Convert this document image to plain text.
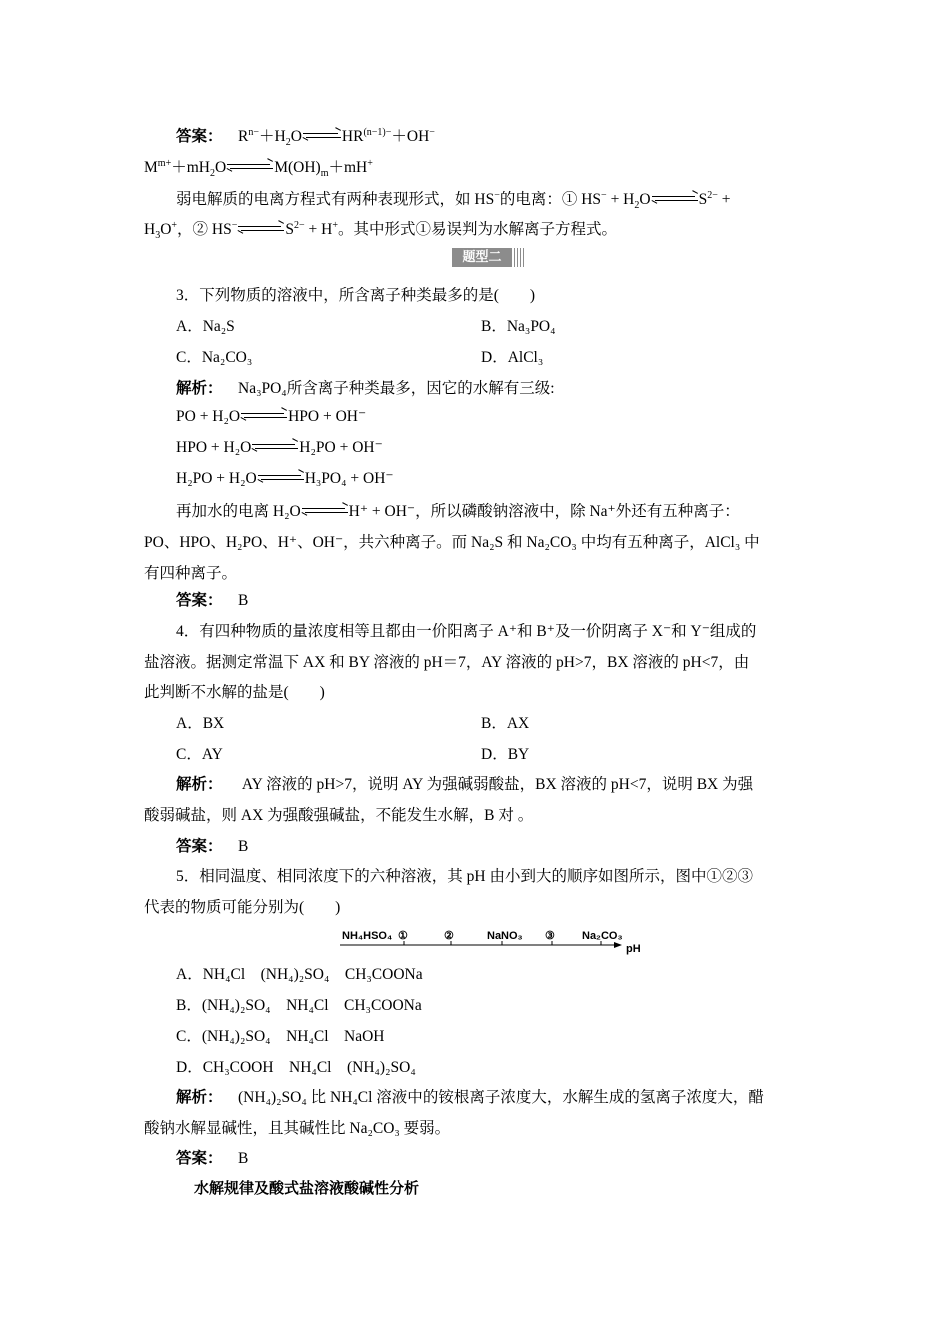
答案： $R^{n-}+H_2O$	$HR^{(n-1)-}+OH^-$
$M^{m+}+mH_2O$	$M(OH)_m+mH^+$
弱电解质的电离方程式有两种表现形式，如 HS−的电离：① $HS^- + H_2O$	$S^{2-}$ +
$H_3O^+$，② HS−	$S^{2-} + H^+$。其中形式①易误判为水解离子方程式。
题型二
3．下列物质的溶液中，所含离子种类最多的是(　　)
A．Na₂S	B．Na₃PO₄
C．Na₂CO₃	D．AlCl₃
解析： Na₃PO₄所含离子种类最多，因它的水解有三级:
PO + H₂O	HPO + OH⁻
HPO + H₂O	H₂PO + OH⁻
H₂PO + H₂O	H₃PO₄ + OH⁻
再加水的电离 H₂O	H⁺ + OH⁻，所以磷酸钠溶液中，除 Na⁺外还有五种离子：
PO、HPO、H₂PO、H⁺、OH⁻，共六种离子。而 Na₂S 和 Na₂CO₃ 中均有五种离子，AlCl₃ 中
有四种离子。
答案： B
4．有四种物质的量浓度相等且都由一价阳离子 A⁺和 B⁺及一价阴离子 X⁻和 Y⁻组成的
盐溶液。据测定常温下 AX 和 BY 溶液的 pH＝7，AY 溶液的 pH>7，BX 溶液的 pH<7，由
此判断不水解的盐是(　　)
A．BX	B．AX
C．AY	D．BY
解析：     AY 溶液的 pH>7，说明 AY 为强碱弱酸盐，BX 溶液的 pH<7，说明 BX 为强
酸弱碱盐，则 AX 为强酸强碱盐，不能发生水解，B 对 。
答案： B
5．相同温度、相同浓度下的六种溶液，其 pH 由小到大的顺序如图所示，图中①②③
代表的物质可能分别为(　　)
NH₄HSO₄ ①	②	NaNO₃ ③ Na₂CO₃
pH
A．NH₄Cl　(NH₄)₂SO₄　CH₃COONa
B．(NH₄)₂SO₄　NH₄Cl　CH₃COONa
C．(NH₄)₂SO₄　NH₄Cl　NaOH
D．CH₃COOH　NH₄Cl　(NH₄)₂SO₄
解析： (NH₄)₂SO₄ 比 NH₄Cl 溶液中的铵根离子浓度大，水解生成的氢离子浓度大，醋
酸钠水解显碱性，且其碱性比 Na₂CO₃ 要弱。
答案： B
水解规律及酸式盐溶液酸碱性分析
